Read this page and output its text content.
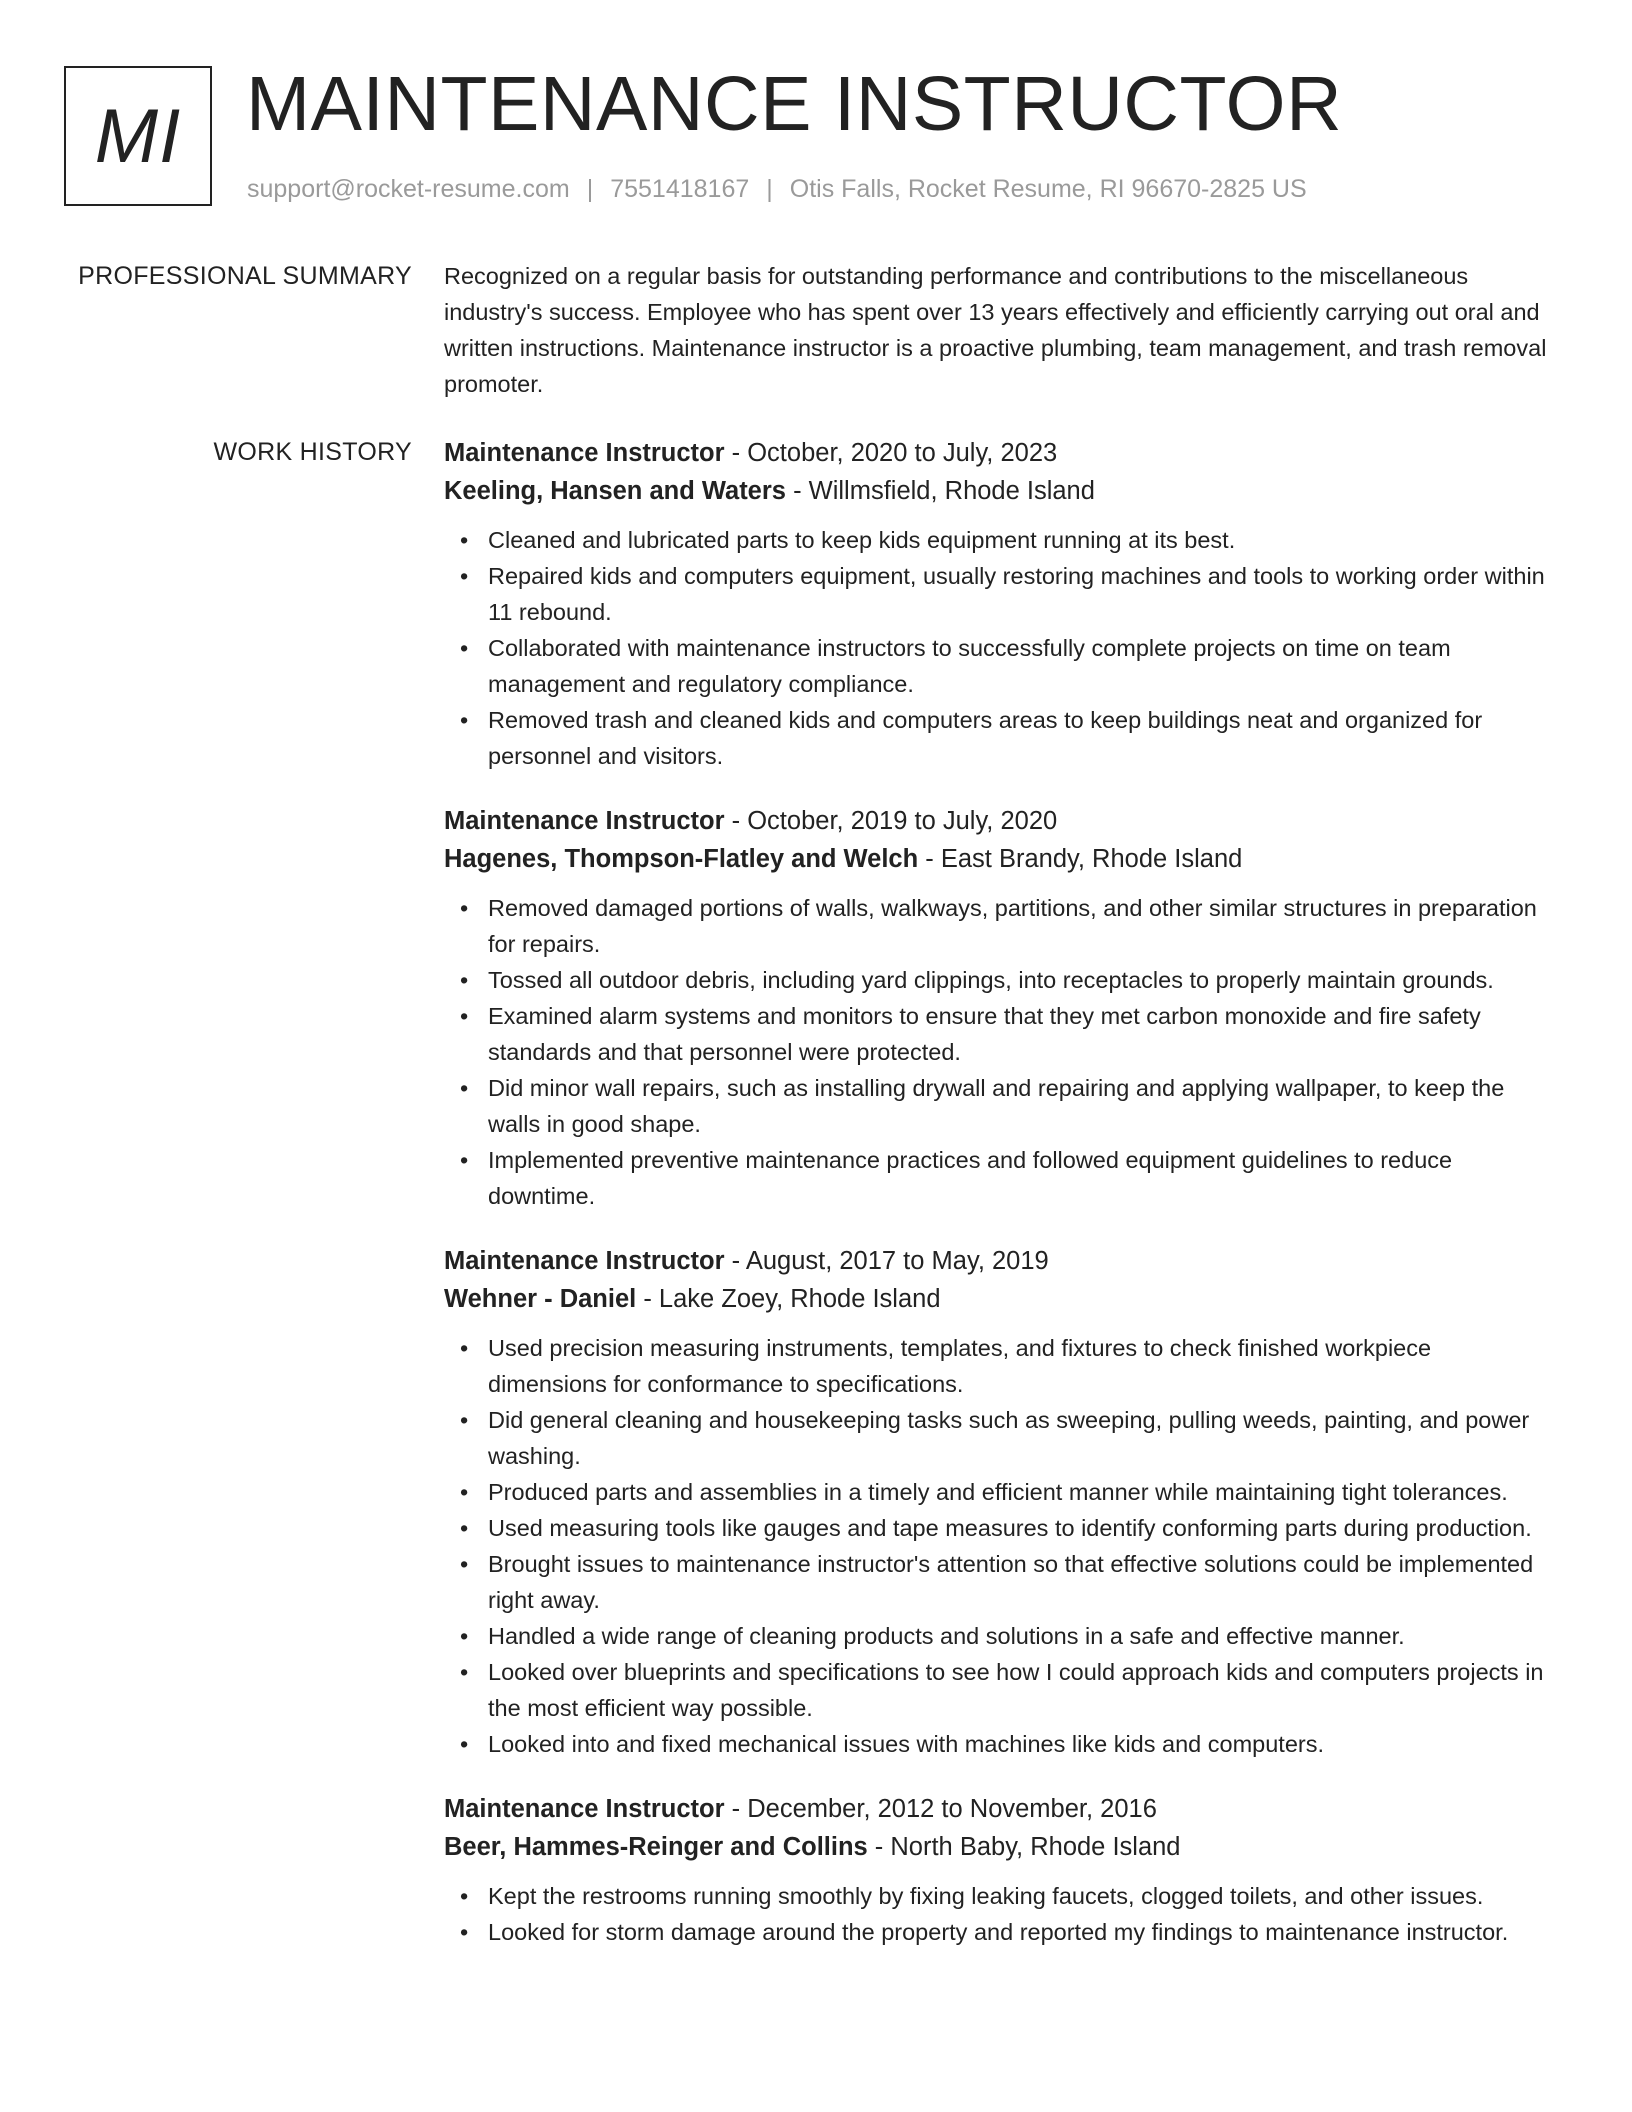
MI MAINTENANCE INSTRUCTOR
support@rocket-resume.com | 7551418167 | Otis Falls, Rocket Resume, RI 96670-2825 US
PROFESSIONAL SUMMARY Recognized on a regular basis for outstanding performance and contributions to the miscellaneous industry's success. Employee who has spent over 13 years effectively and efficiently carrying out oral and written instructions. Maintenance instructor is a proactive plumbing, team management, and trash removal promoter.

WORK HISTORY Maintenance Instructor - October, 2020 to July, 2023
Keeling, Hansen and Waters - Willmsfield, Rhode Island
• Cleaned and lubricated parts to keep kids equipment running at its best.
• Repaired kids and computers equipment, usually restoring machines and tools to working order within 11 rebound.
• Collaborated with maintenance instructors to successfully complete projects on time on team management and regulatory compliance.
• Removed trash and cleaned kids and computers areas to keep buildings neat and organized for personnel and visitors.
Maintenance Instructor - October, 2019 to July, 2020
Hagenes, Thompson-Flatley and Welch - East Brandy, Rhode Island
• Removed damaged portions of walls, walkways, partitions, and other similar structures in preparation for repairs.
• Tossed all outdoor debris, including yard clippings, into receptacles to properly maintain grounds.
• Examined alarm systems and monitors to ensure that they met carbon monoxide and fire safety standards and that personnel were protected.
• Did minor wall repairs, such as installing drywall and repairing and applying wallpaper, to keep the walls in good shape.
• Implemented preventive maintenance practices and followed equipment guidelines to reduce downtime.
Maintenance Instructor - August, 2017 to May, 2019
Wehner - Daniel - Lake Zoey, Rhode Island
• Used precision measuring instruments, templates, and fixtures to check finished workpiece dimensions for conformance to specifications.
• Did general cleaning and housekeeping tasks such as sweeping, pulling weeds, painting, and power washing.
• Produced parts and assemblies in a timely and efficient manner while maintaining tight tolerances.
• Used measuring tools like gauges and tape measures to identify conforming parts during production.
• Brought issues to maintenance instructor's attention so that effective solutions could be implemented right away.
• Handled a wide range of cleaning products and solutions in a safe and effective manner.
• Looked over blueprints and specifications to see how I could approach kids and computers projects in the most efficient way possible.
• Looked into and fixed mechanical issues with machines like kids and computers.
Maintenance Instructor - December, 2012 to November, 2016
Beer, Hammes-Reinger and Collins - North Baby, Rhode Island
• Kept the restrooms running smoothly by fixing leaking faucets, clogged toilets, and other issues.
• Looked for storm damage around the property and reported my findings to maintenance instructor.
